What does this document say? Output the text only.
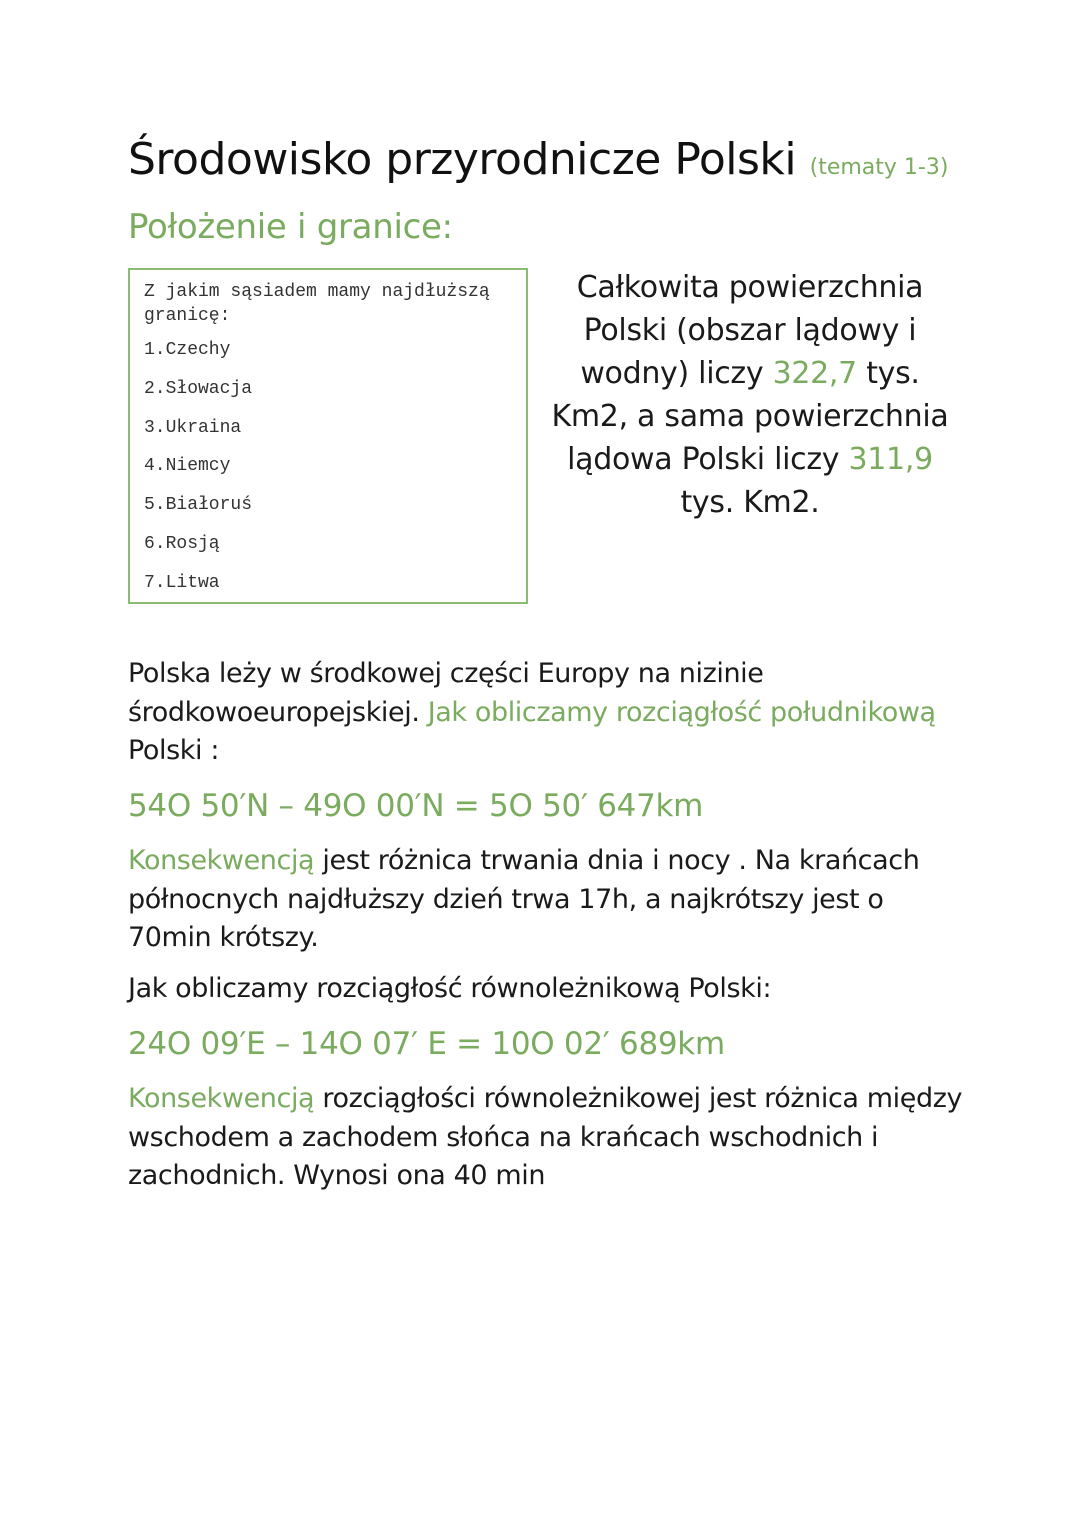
Środowisko przyrodnicze Polski (tematy 1-3)
Położenie i granice:

Z jakim sąsiadem mamy najdłuższą granicę:

1.Czechy
2.Słowacja
3.Ukraina
4.Niemcy
5.Białoruś
6.Rosją
7.Litwa
Całkowita powierzchnia Polski (obszar lądowy i wodny) liczy 322,7 tys. Km2, a sama powierzchnia lądowa Polski liczy 311,9 tys. Km2.

Polska leży w środkowej części Europy na nizinie środkowoeuropejskiej. Jak obliczamy rozciągłość południkową Polski :

54O 50′N – 49O 00′N = 5O 50′ 647km

Konsekwencją jest różnica trwania dnia i nocy . Na krańcach północnych najdłuższy dzień trwa 17h, a najkrótszy jest o 70min krótszy.

Jak obliczamy rozciągłość równoleżnikową Polski:

24O 09′E – 14O 07′ E = 10O 02′ 689km

Konsekwencją rozciągłości równoleżnikowej jest różnica między wschodem a zachodem słońca na krańcach wschodnich i zachodnich. Wynosi ona 40 min
